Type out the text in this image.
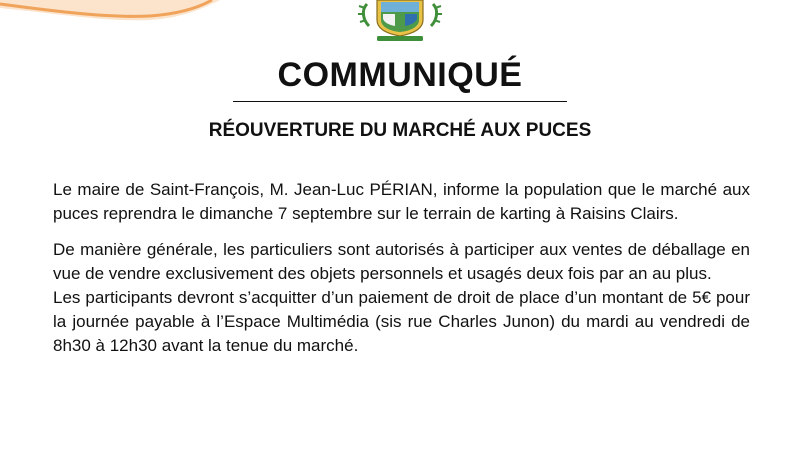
COMMUNIQUÉ
RÉOUVERTURE DU MARCHÉ AUX PUCES

Le maire de Saint-François, M. Jean-Luc PÉRIAN, informe la population que le marché aux puces reprendra le dimanche 7 septembre sur le terrain de karting à Raisins Clairs.

De manière générale, les particuliers sont autorisés à participer aux ventes de déballage en vue de vendre exclusivement des objets personnels et usagés deux fois par an au plus.

Les participants devront s’acquitter d’un paiement de droit de place d’un montant de 5€ pour la journée payable à l’Espace Multimédia (sis rue Charles Junon) du mardi au vendredi de 8h30 à 12h30 avant la tenue du marché.
